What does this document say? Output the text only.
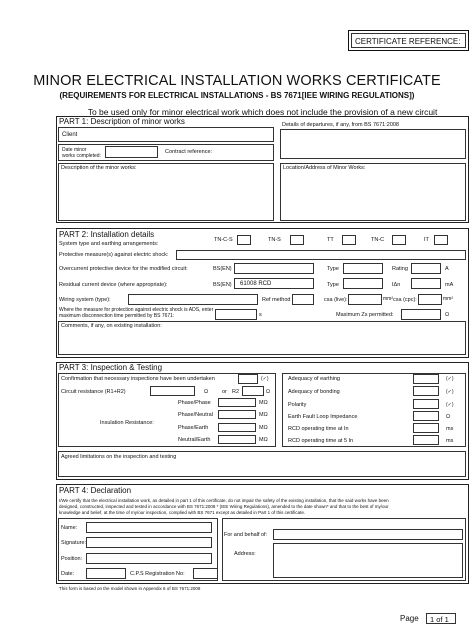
CERTIFICATE REFERENCE:
MINOR ELECTRICAL INSTALLATION WORKS CERTIFICATE
(REQUIREMENTS FOR ELECTRICAL INSTALLATIONS - BS 7671[IEE WIRING REGULATIONS])
To be used only for minor electrical work which does not include the provision of a new circuit
PART 1: Description of minor works
Client
Date minor
works completed:
Contract reference:
Description of the minor works:
Details of departures, if any, from BS 7671:2008
Location/Address of Minor Works:
PART 2: Installation details
System type and earthing arrangements:
TN-C-S	TN-S	TT	TN-C	IT
Protective measure(s) against electric shock:
Overcurrent protective device for the modified circuit:	BS(EN)	Type	Rating	A
Residual current device (where appropriate):	BS(EN)	61008 RCD	Type	IΔn	mA
Wiring system (type):	Ref method	csa (live):	mm² csa (cpc):	mm²
Where the measure for protection against electric shock is ADS, enter
maximum disconnection time permitted by BS 7671:	s	Maximum Zs permitted:	Ω
Comments, if any, on existing installation:
PART 3: Inspection & Testing
Confirmation that necessary inspections have been undertaken	(✓)
Circuit resistance (R1+R2)	Ω	or R2	Ω
Insulation Resistance:
Phase/Phase	MΩ
Phase/Neutral	MΩ
Phase/Earth	MΩ
Neutral/Earth	MΩ
Adequacy of earthing	(✓)
Adequacy of bonding	(✓)
Polarity	(✓)
Earth Fault Loop Impedance	Ω
RCD operating time at In	ms
RCD operating time at 5 In	ms
Agreed limitations on the inspection and testing
PART 4: Declaration
I/We certify that the electrical installation work, as detailed in part 1 of this certificate, do not impair the safety of the existing installation, that the said works have been
designed, constructed, inspected and tested in accordance with BS 7671:2008 * (IEE Wiring Regulations), amended to the date shown* and that to the best of my/our
knowledge and belief, at the time of my/our inspection, complied with BS 7671 except as detailed in Part 1 of this certificate.
Name:
Signature:
Position:
Date:	C.P.S Registration No:
For and behalf of:
Address:
This form is based on the model shown in Appendix 6 of BS 7671:2008
Page 1 of 1
